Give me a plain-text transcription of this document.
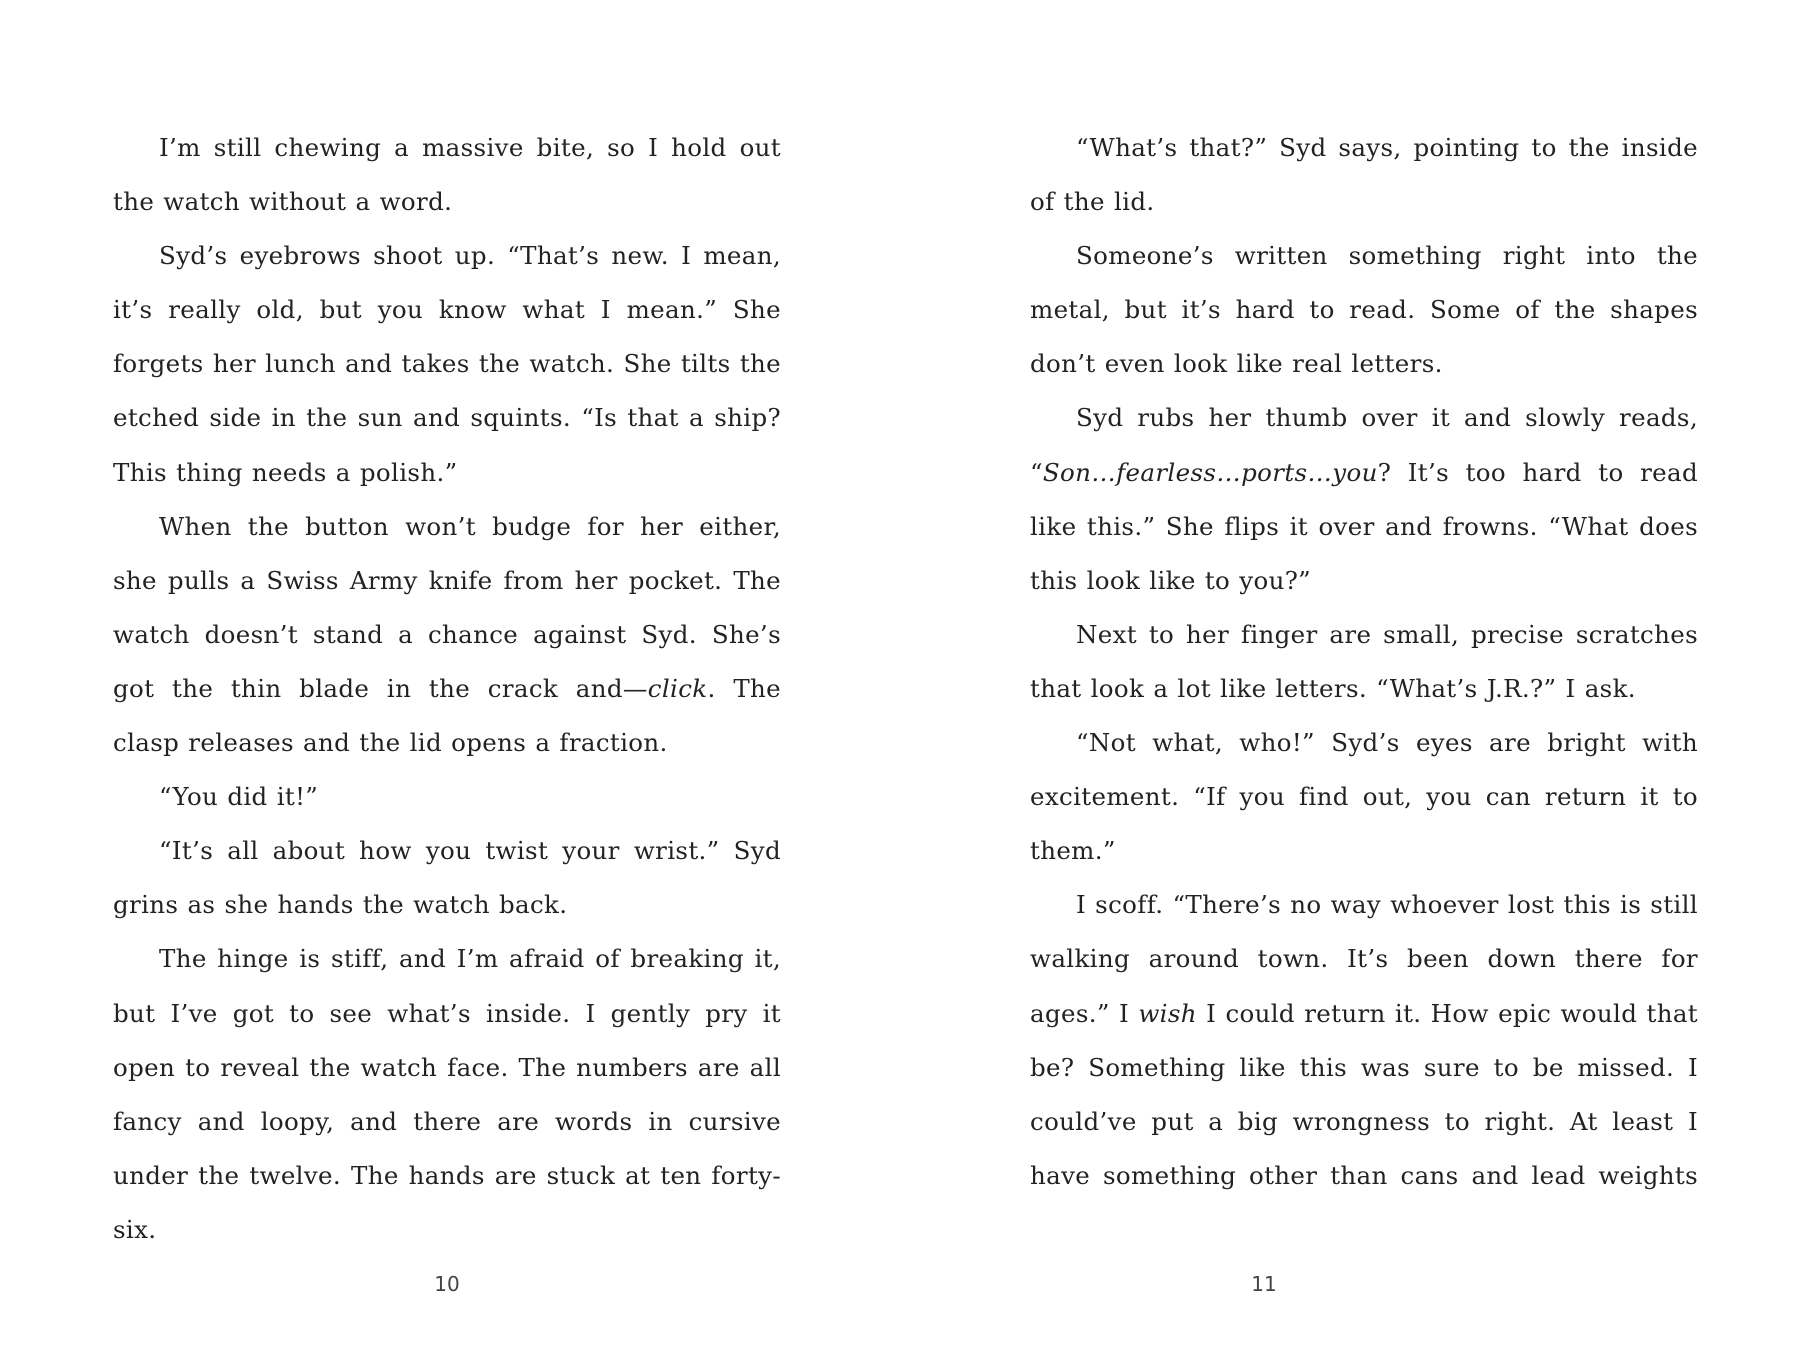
I’m still chewing a massive bite, so I hold out the watch without a word.

Syd’s eyebrows shoot up. “That’s new. I mean, it’s really old, but you know what I mean.” She forgets her lunch and takes the watch. She tilts the etched side in the sun and squints. “Is that a ship? This thing needs a polish.”

When the button won’t budge for her either, she pulls a Swiss Army knife from her pocket. The watch doesn’t stand a chance against Syd. She’s got the thin blade in the crack and—click. The clasp releases and the lid opens a fraction.

“You did it!”

“It’s all about how you twist your wrist.” Syd grins as she hands the watch back.

The hinge is stiff, and I’m afraid of breaking it, but I’ve got to see what’s inside. I gently pry it open to reveal the watch face. The numbers are all fancy and loopy, and there are words in cursive under the twelve. The hands are stuck at ten forty-six.

10

“What’s that?” Syd says, pointing to the inside of the lid.

Someone’s written something right into the metal, but it’s hard to read. Some of the shapes don’t even look like real letters.

Syd rubs her thumb over it and slowly reads, “Son…fearless…ports…you? It’s too hard to read like this.” She flips it over and frowns. “What does this look like to you?”

Next to her finger are small, precise scratches that look a lot like letters. “What’s J.R.?” I ask.

“Not what, who!” Syd’s eyes are bright with excitement. “If you find out, you can return it to them.”

I scoff. “There’s no way whoever lost this is still walking around town. It’s been down there for ages.” I wish I could return it. How epic would that be? Something like this was sure to be missed. I could’ve put a big wrongness to right. At least I have something other than cans and lead weights

11
